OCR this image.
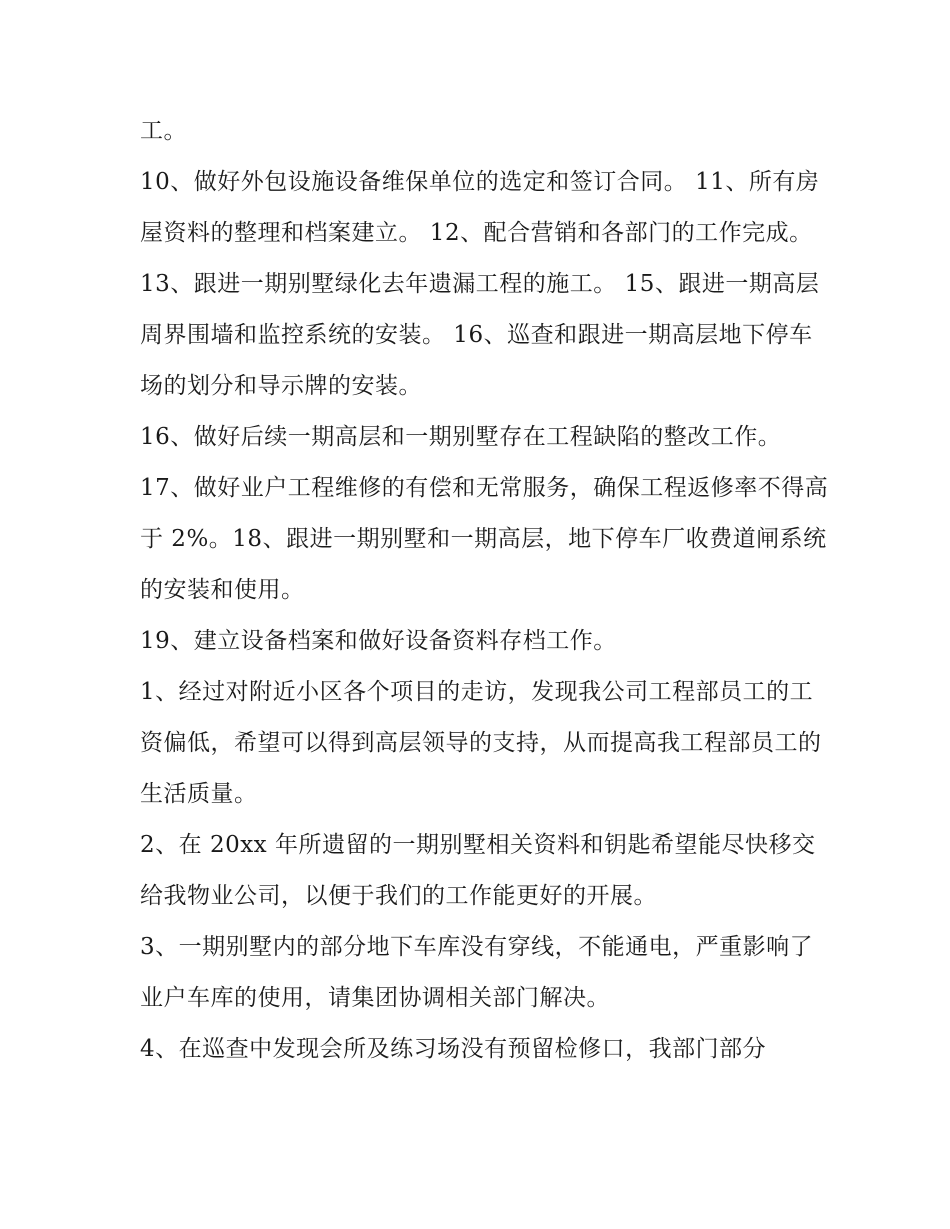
工。

10、做好外包设施设备维保单位的选定和签订合同。 11、所有房屋资料的整理和档案建立。 12、配合营销和各部门的工作完成。

13、跟进一期别墅绿化去年遗漏工程的施工。 15、跟进一期高层周界围墙和监控系统的安装。 16、巡查和跟进一期高层地下停车场的划分和导示牌的安装。

16、做好后续一期高层和一期别墅存在工程缺陷的整改工作。

17、做好业户工程维修的有偿和无常服务，确保工程返修率不得高于 2%。18、跟进一期别墅和一期高层，地下停车厂收费道闸系统的安装和使用。

19、建立设备档案和做好设备资料存档工作。

1、经过对附近小区各个项目的走访，发现我公司工程部员工的工资偏低，希望可以得到高层领导的支持，从而提高我工程部员工的生活质量。

2、在 20xx 年所遗留的一期别墅相关资料和钥匙希望能尽快移交给我物业公司，以便于我们的工作能更好的开展。

3、一期别墅内的部分地下车库没有穿线，不能通电，严重影响了业户车库的使用，请集团协调相关部门解决。

4、在巡查中发现会所及练习场没有预留检修口，我部门部分
